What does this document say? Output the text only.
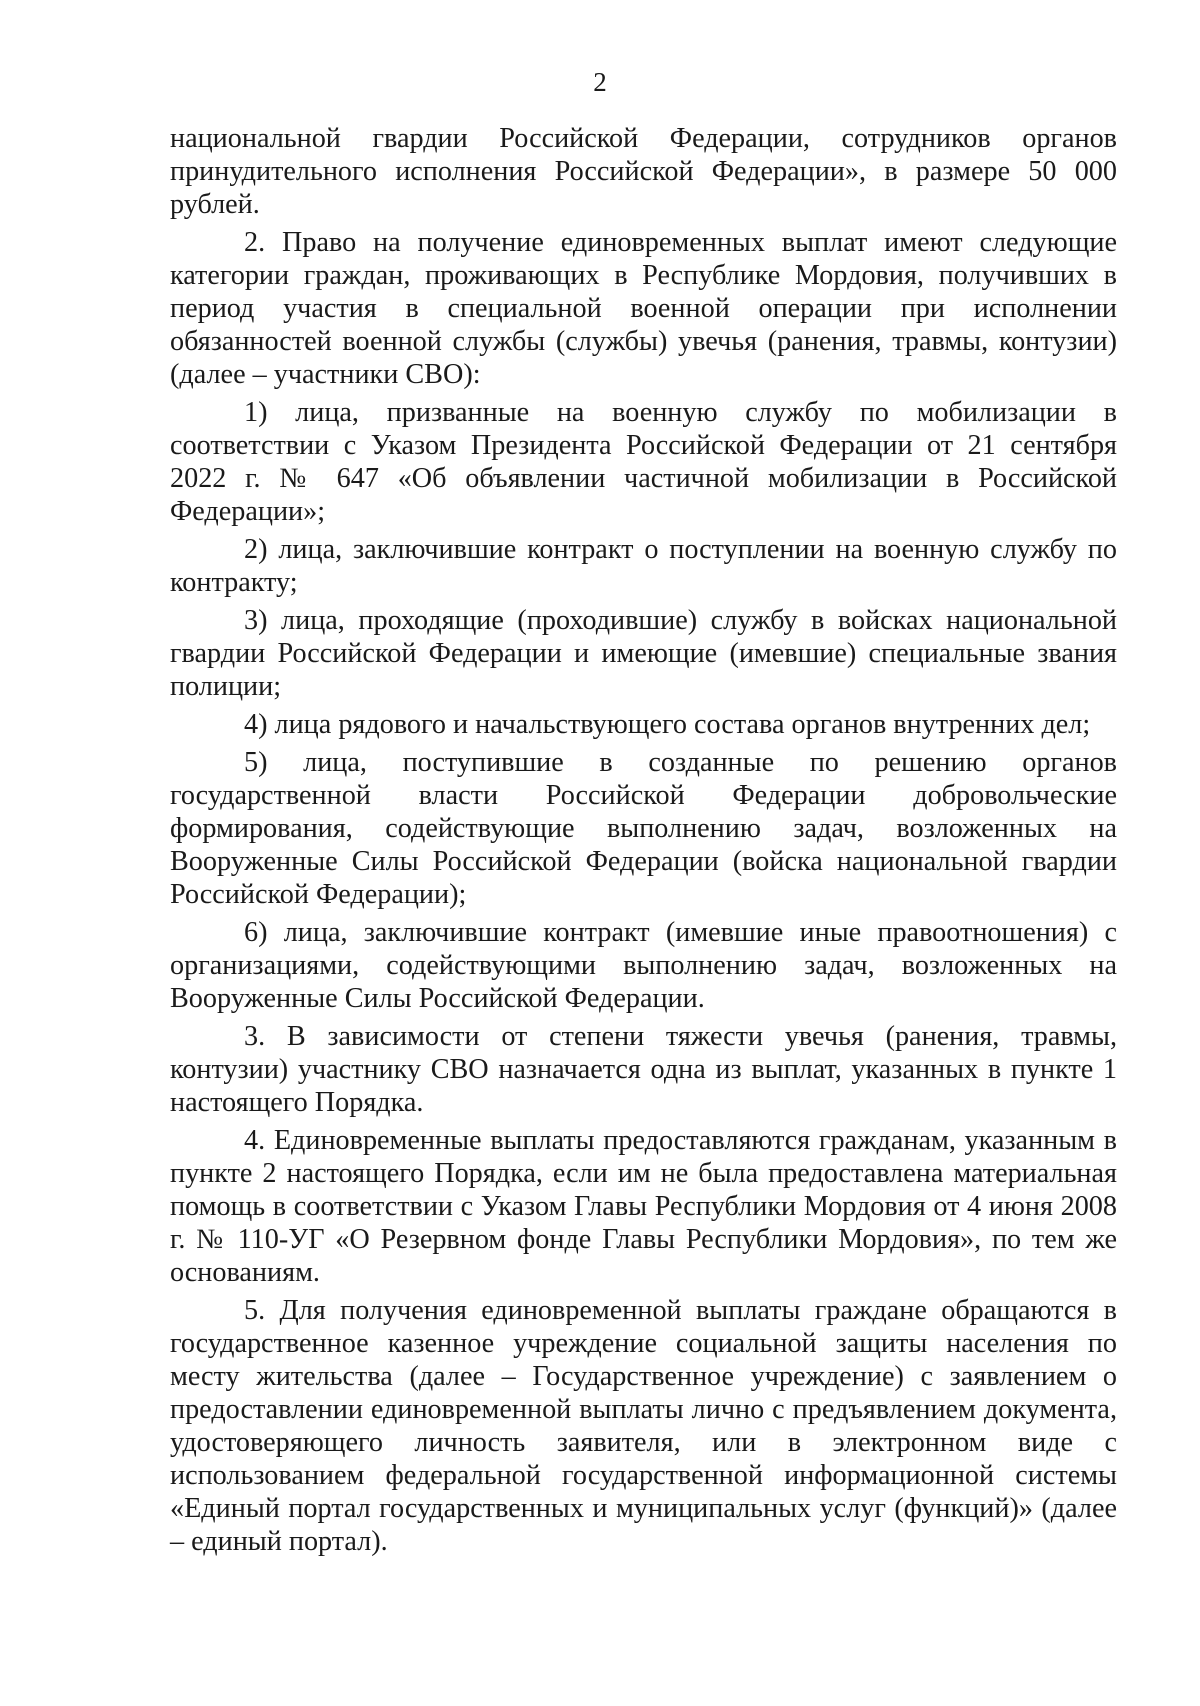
2

национальной гвардии Российской Федерации, сотрудников органов принудительного исполнения Российской Федерации», в размере 50 000 рублей.

2. Право на получение единовременных выплат имеют следующие категории граждан, проживающих в Республике Мордовия, получивших в период участия в специальной военной операции при исполнении обязанностей военной службы (службы) увечья (ранения, травмы, контузии) (далее – участники СВО):

1) лица, призванные на военную службу по мобилизации в соответствии с Указом Президента Российской Федерации от 21 сентября 2022 г. № 647 «Об объявлении частичной мобилизации в Российской Федерации»;

2) лица, заключившие контракт о поступлении на военную службу по контракту;

3) лица, проходящие (проходившие) службу в войсках национальной гвардии Российской Федерации и имеющие (имевшие) специальные звания полиции;

4) лица рядового и начальствующего состава органов внутренних дел;

5) лица, поступившие в созданные по решению органов государственной власти Российской Федерации добровольческие формирования, содействующие выполнению задач, возложенных на Вооруженные Силы Российской Федерации (войска национальной гвардии Российской Федерации);

6) лица, заключившие контракт (имевшие иные правоотношения) с организациями, содействующими выполнению задач, возложенных на Вооруженные Силы Российской Федерации.

3. В зависимости от степени тяжести увечья (ранения, травмы, контузии) участнику СВО назначается одна из выплат, указанных в пункте 1 настоящего Порядка.

4. Единовременные выплаты предоставляются гражданам, указанным в пункте 2 настоящего Порядка, если им не была предоставлена материальная помощь в соответствии с Указом Главы Республики Мордовия от 4 июня 2008 г. № 110-УГ «О Резервном фонде Главы Республики Мордовия», по тем же основаниям.

5. Для получения единовременной выплаты граждане обращаются в государственное казенное учреждение социальной защиты населения по месту жительства (далее – Государственное учреждение) с заявлением о предоставлении единовременной выплаты лично с предъявлением документа, удостоверяющего личность заявителя, или в электронном виде с использованием федеральной государственной информационной системы «Единый портал государственных и муниципальных услуг (функций)» (далее – единый портал).
